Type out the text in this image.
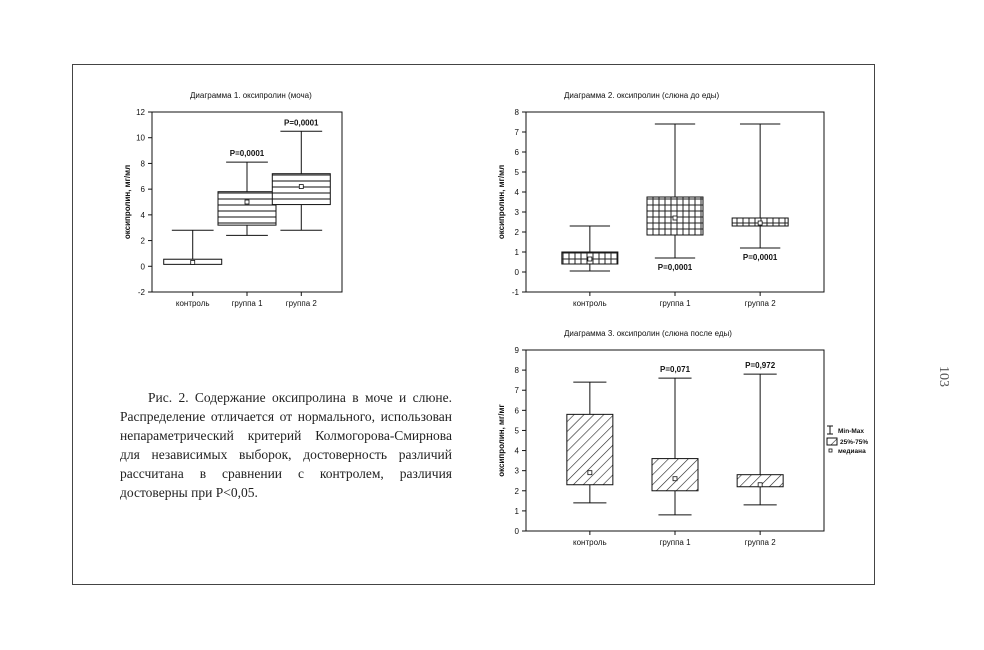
Диаграмма 1. оксипролин (моча)
-2
0
2
4
6
8
10
12
оксипролин, мг/мл
контроль	группа 1
P=0,0001
группа 2
P=0,0001
Диаграмма 2. оксипролин (слюна до еды)
-1
0
1
2
3
4
5
6
7
8
оксипролин, мг/мл
контроль	группа 1
P=0,0001
группа 2
P=0,0001
Диаграмма 3. оксипролин (слюна после еды)
0
1
2
3
4
5
6
7
8
9
оксипролин, мг/мг
контроль	группа 1
P=0,071
группа 2
P=0,972
Min-Max
25%-75%
медиана
Рис. 2. Содержание оксипролина в моче и слюне. Распределение отличается от нормального, использован непараметрический критерий Колмогорова-Смирнова для независимых выборок, достоверность различий рассчитана в сравнении с контролем, различия достоверны при P<0,05.
103
